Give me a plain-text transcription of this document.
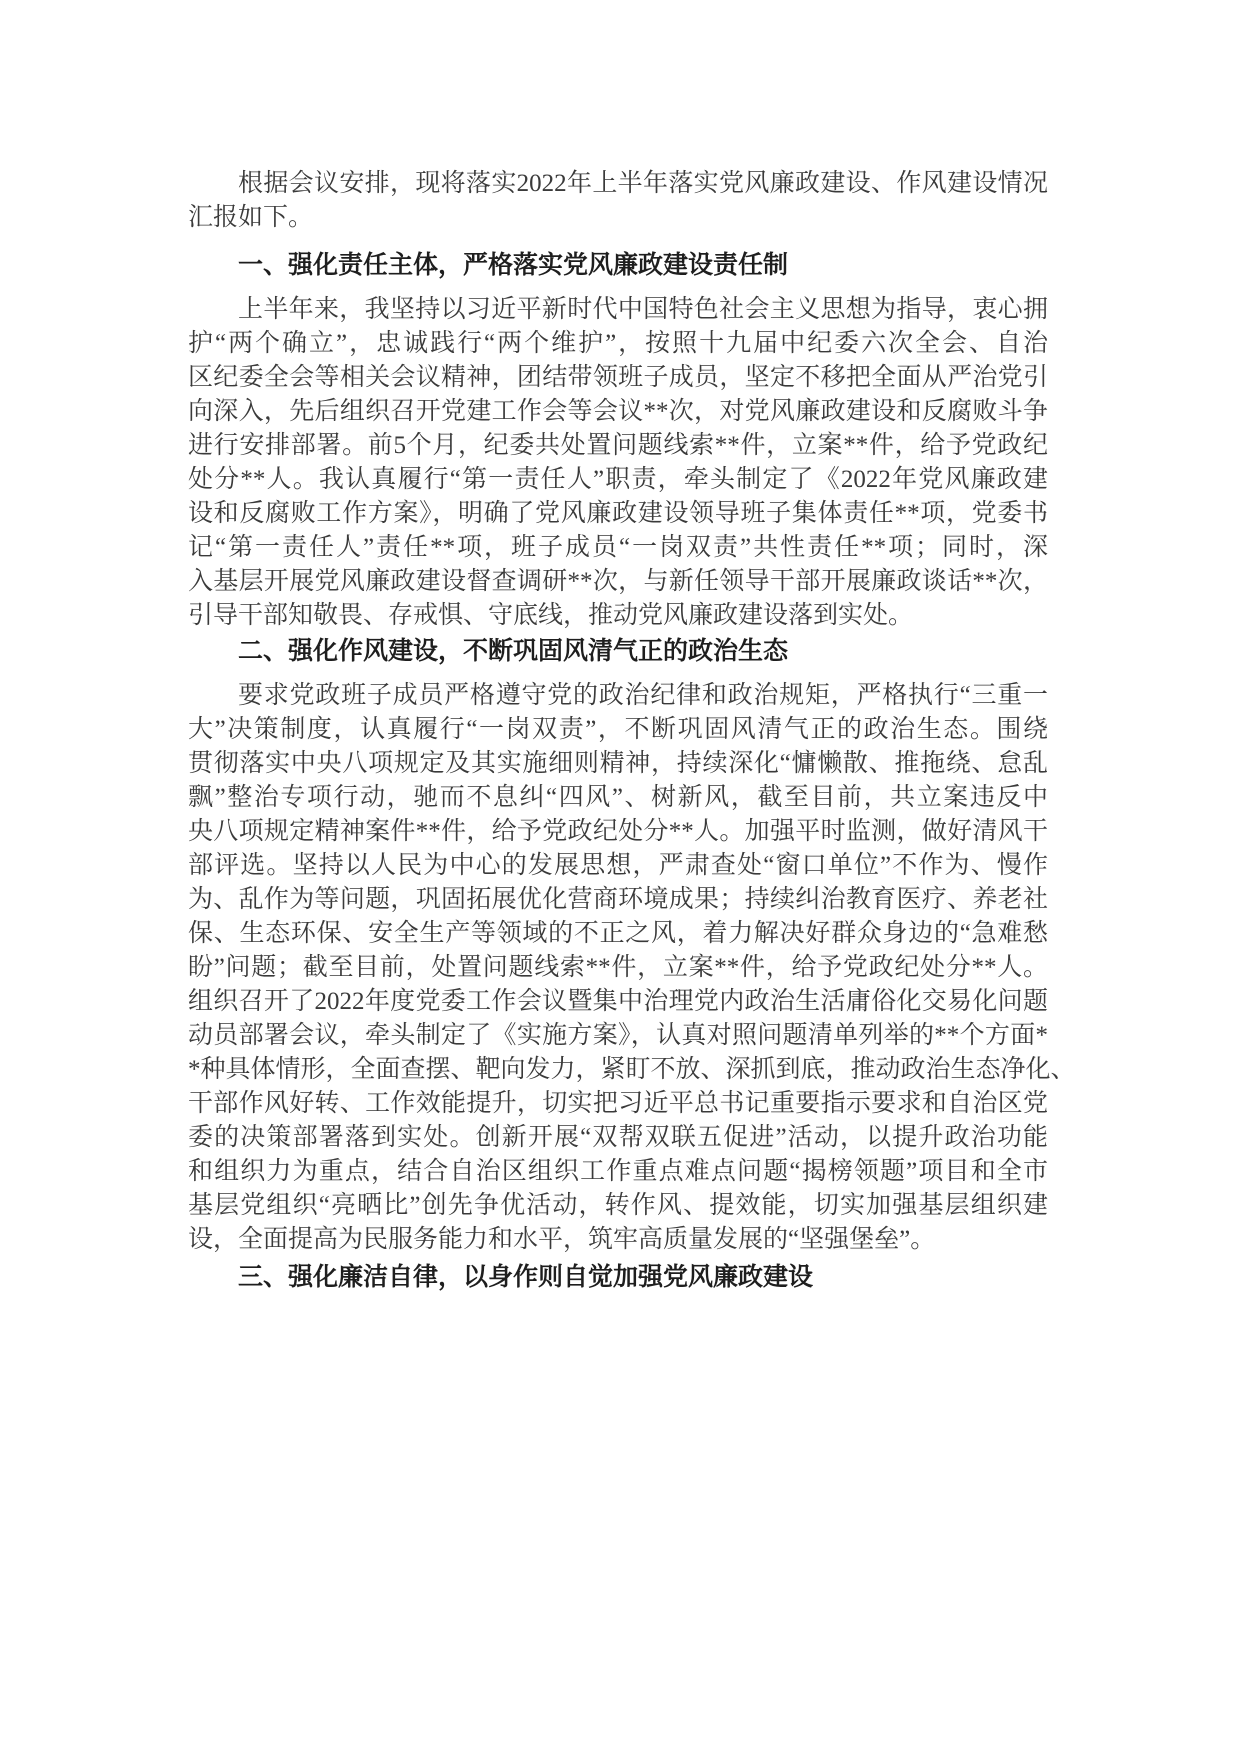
根据会议安排，现将落实2022年上半年落实党风廉政建设、作风建设情况
汇报如下。
一、强化责任主体，严格落实党风廉政建设责任制
上半年来，我坚持以习近平新时代中国特色社会主义思想为指导，衷心拥
护“两个确立”，忠诚践行“两个维护”，按照十九届中纪委六次全会、自治
区纪委全会等相关会议精神，团结带领班子成员，坚定不移把全面从严治党引
向深入，先后组织召开党建工作会等会议**次，对党风廉政建设和反腐败斗争
进行安排部署。前5个月，纪委共处置问题线索**件，立案**件，给予党政纪
处分**人。我认真履行“第一责任人”职责，牵头制定了《2022年党风廉政建
设和反腐败工作方案》，明确了党风廉政建设领导班子集体责任**项，党委书
记“第一责任人”责任**项，班子成员“一岗双责”共性责任**项；同时，深
入基层开展党风廉政建设督查调研**次，与新任领导干部开展廉政谈话**次，
引导干部知敬畏、存戒惧、守底线，推动党风廉政建设落到实处。
二、强化作风建设，不断巩固风清气正的政治生态
要求党政班子成员严格遵守党的政治纪律和政治规矩，严格执行“三重一
大”决策制度，认真履行“一岗双责”，不断巩固风清气正的政治生态。围绕
贯彻落实中央八项规定及其实施细则精神，持续深化“慵懒散、推拖绕、怠乱
飘”整治专项行动，驰而不息纠“四风”、树新风，截至目前，共立案违反中
央八项规定精神案件**件，给予党政纪处分**人。加强平时监测，做好清风干
部评选。坚持以人民为中心的发展思想，严肃查处“窗口单位”不作为、慢作
为、乱作为等问题，巩固拓展优化营商环境成果；持续纠治教育医疗、养老社
保、生态环保、安全生产等领域的不正之风，着力解决好群众身边的“急难愁
盼”问题；截至目前，处置问题线索**件，立案**件，给予党政纪处分**人。
组织召开了2022年度党委工作会议暨集中治理党内政治生活庸俗化交易化问题
动员部署会议，牵头制定了《实施方案》，认真对照问题清单列举的**个方面*
*种具体情形，全面查摆、靶向发力，紧盯不放、深抓到底，推动政治生态净化、
干部作风好转、工作效能提升，切实把习近平总书记重要指示要求和自治区党
委的决策部署落到实处。创新开展“双帮双联五促进”活动，以提升政治功能
和组织力为重点，结合自治区组织工作重点难点问题“揭榜领题”项目和全市
基层党组织“亮晒比”创先争优活动，转作风、提效能，切实加强基层组织建
设，全面提高为民服务能力和水平，筑牢高质量发展的“坚强堡垒”。
三、强化廉洁自律，以身作则自觉加强党风廉政建设
